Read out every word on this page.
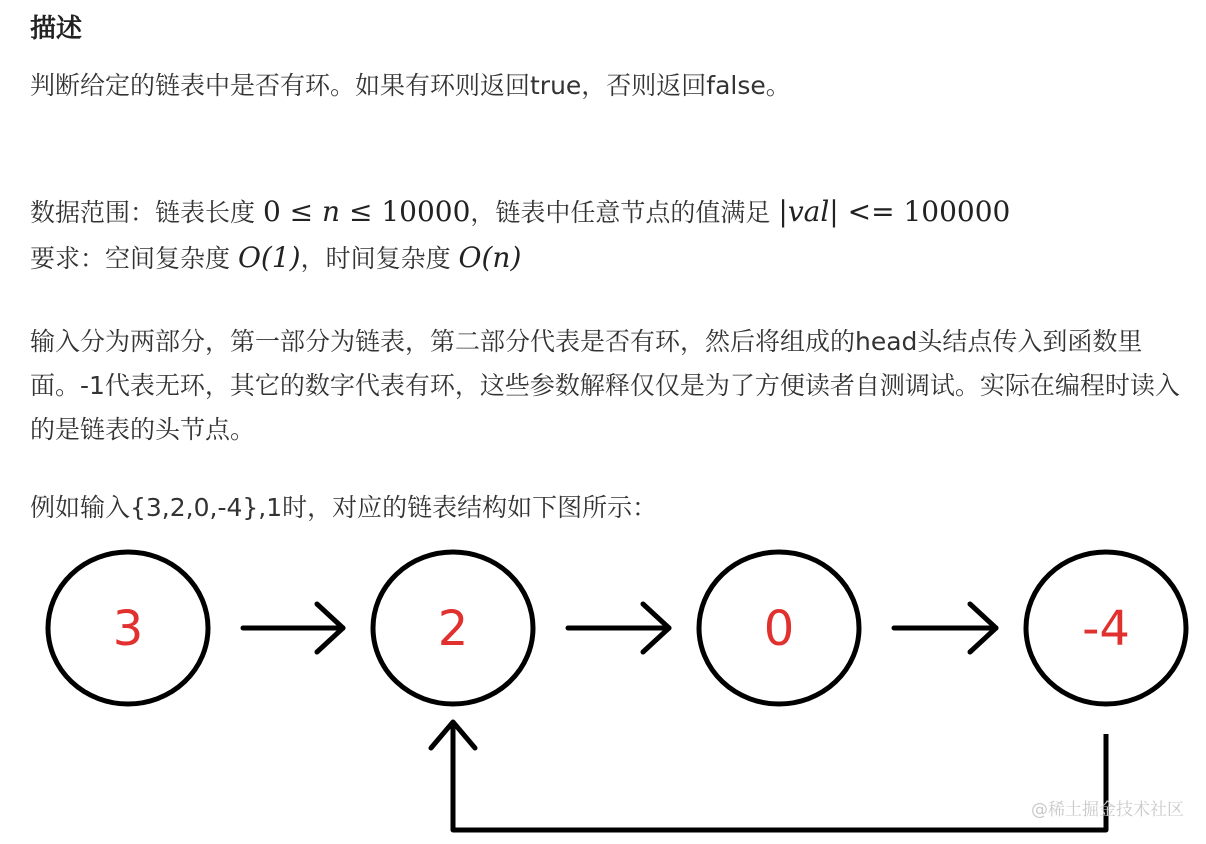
描述

判断给定的链表中是否有环。如果有环则返回true，否则返回false。

数据范围：链表长度 0 ≤ n ≤ 10000，链表中任意节点的值满足 |val| <= 100000

要求：空间复杂度 O(1)，时间复杂度 O(n)

输入分为两部分，第一部分为链表，第二部分代表是否有环，然后将组成的head头结点传入到函数里面。-1代表无环，其它的数字代表有环，这些参数解释仅仅是为了方便读者自测调试。实际在编程时读入的是链表的头节点。

例如输入{3,2,0,-4},1时，对应的链表结构如下图所示：

3	2	0	-4
@稀土掘金技术社区
